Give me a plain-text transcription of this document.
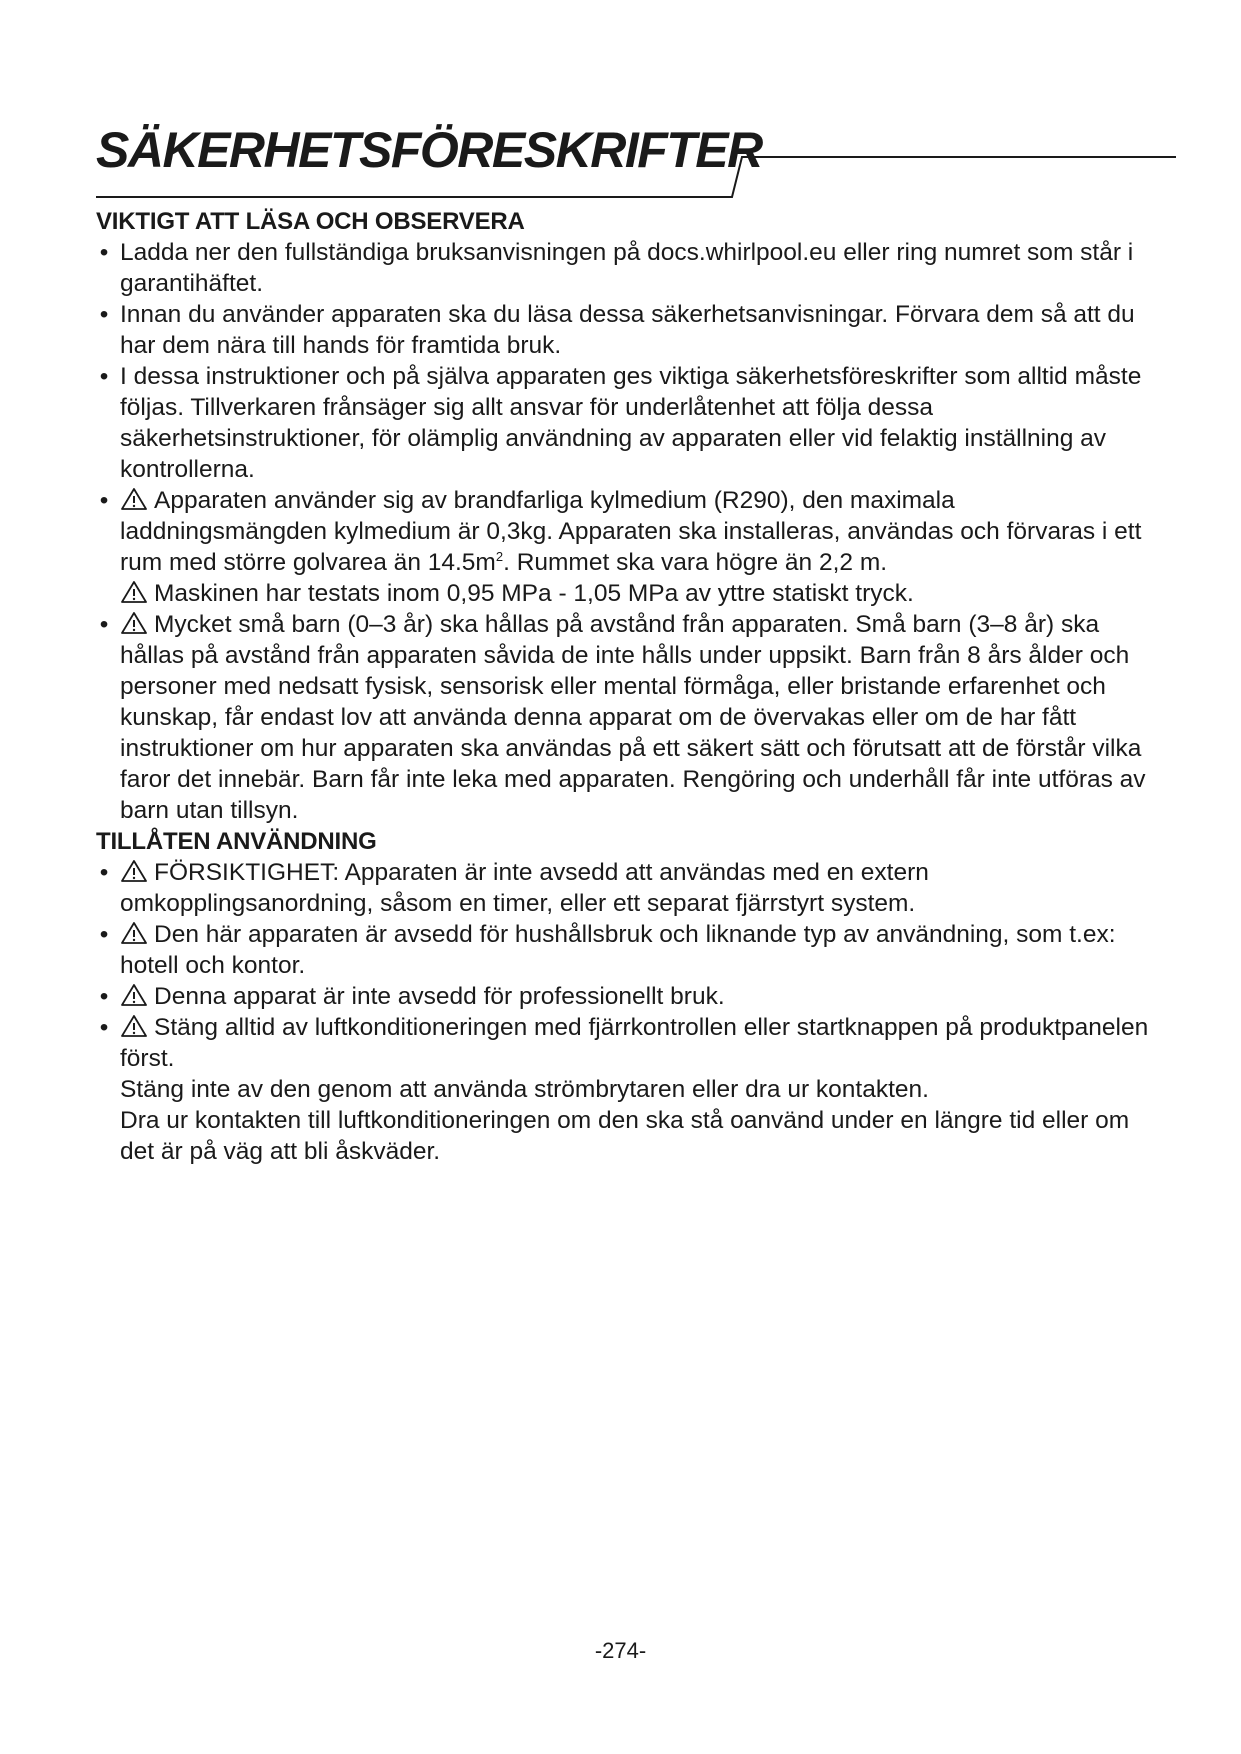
SÄKERHETSFÖRESKRIFTER
VIKTIGT ATT LÄSA OCH OBSERVERA
• Ladda ner den fullständiga bruksanvisningen på docs.whirlpool.eu eller ring numret som står i garantihäftet.
• Innan du använder apparaten ska du läsa dessa säkerhetsanvisningar. Förvara dem så att du har dem nära till hands för framtida bruk.
• I dessa instruktioner och på själva apparaten ges viktiga säkerhetsföreskrifter som alltid måste följas. Tillverkaren frånsäger sig allt ansvar för underlåtenhet att följa dessa säkerhetsinstruktioner, för olämplig användning av apparaten eller vid felaktig inställning av kontrollerna.
• Apparaten använder sig av brandfarliga kylmedium (R290), den maximala laddningsmängden kylmedium är 0,3kg. Apparaten ska installeras, användas och förvaras i ett rum med större golvarea än $14.5m^2$. Rummet ska vara högre än 2,2 m.
Maskinen har testats inom 0,95 MPa - 1,05 MPa av yttre statiskt tryck.
• Mycket små barn (0–3 år) ska hållas på avstånd från apparaten. Små barn (3–8 år) ska hållas på avstånd från apparaten såvida de inte hålls under uppsikt. Barn från 8 års ålder och personer med nedsatt fysisk, sensorisk eller mental förmåga, eller bristande erfarenhet och kunskap, får endast lov att använda denna apparat om de övervakas eller om de har fått instruktioner om hur apparaten ska användas på ett säkert sätt och förutsatt att de förstår vilka faror det innebär. Barn får inte leka med apparaten. Rengöring och underhåll får inte utföras av barn utan tillsyn.
TILLÅTEN ANVÄNDNING
• FÖRSIKTIGHET: Apparaten är inte avsedd att användas med en extern omkopplingsanordning, såsom en timer, eller ett separat fjärrstyrt system.
• Den här apparaten är avsedd för hushållsbruk och liknande typ av användning, som t.ex: hotell och kontor.
• Denna apparat är inte avsedd för professionellt bruk.
• Stäng alltid av luftkonditioneringen med fjärrkontrollen eller startknappen på produktpanelen först.
Stäng inte av den genom att använda strömbrytaren eller dra ur kontakten.
Dra ur kontakten till luftkonditioneringen om den ska stå oanvänd under en längre tid eller om det är på väg att bli åskväder.
-274-
